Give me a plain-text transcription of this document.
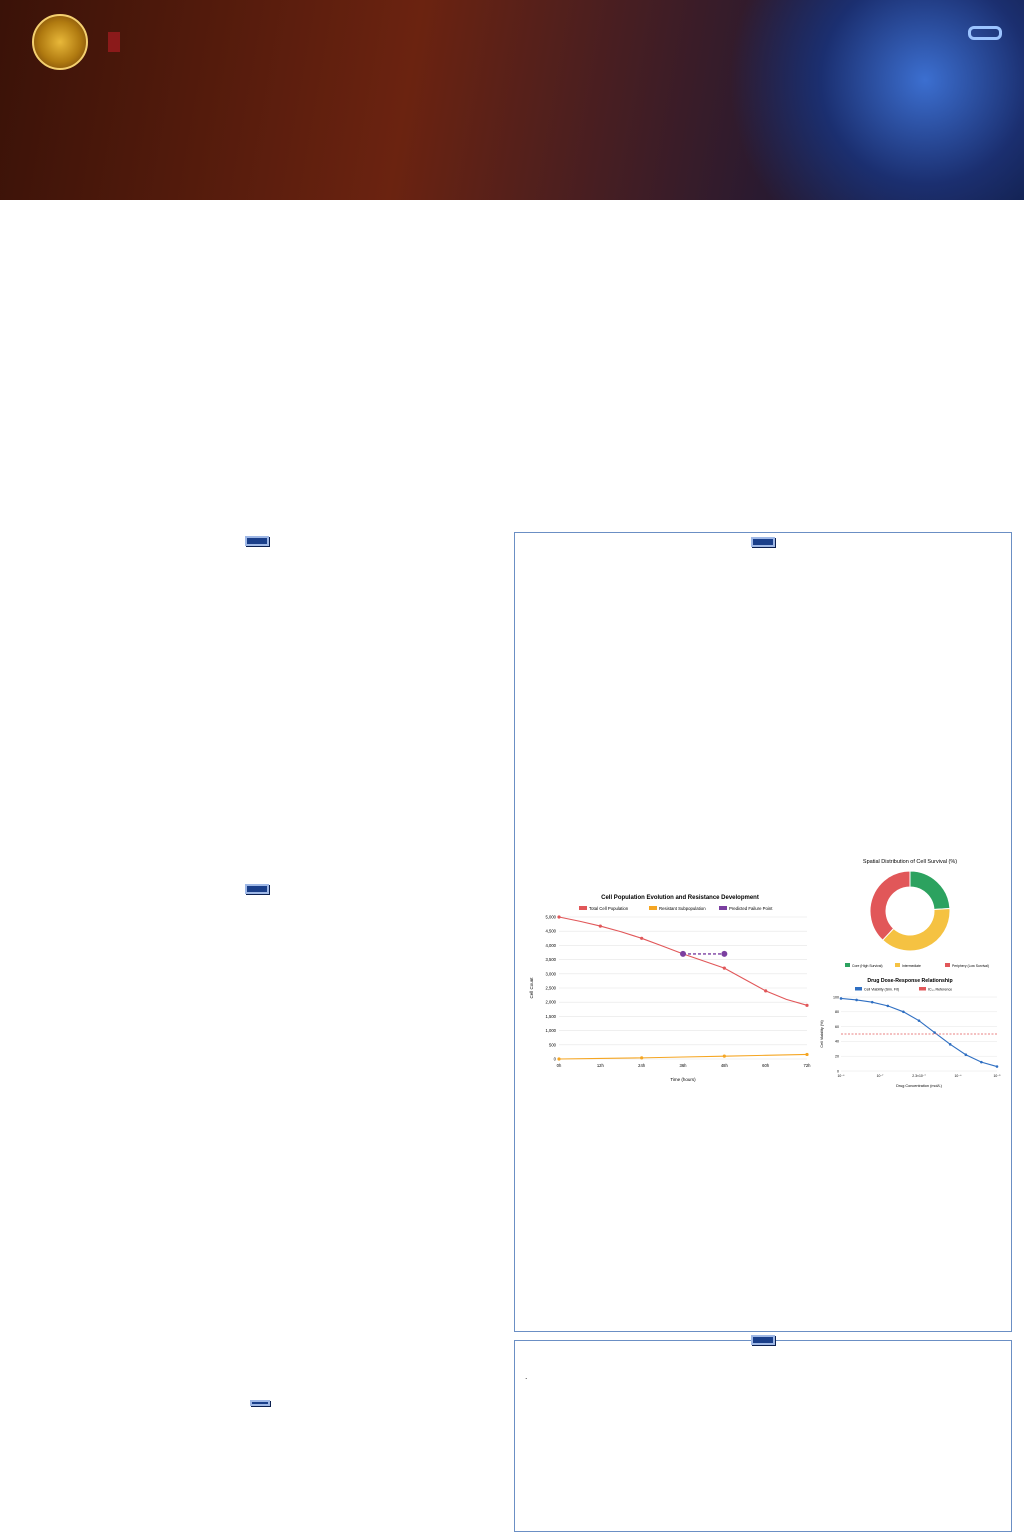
Spatial Distribution of Cell Survival (%)
Core (High Survival)	Intermediate	Periphery (Low Survival)
Cell Population Evolution and Resistance Development
0
500
1,000
1,500
2,000
2,500
3,000
3,500
4,000
4,500
5,000
0h	12h	24h	36h	48h	60h	72h
Time (hours)
Cell Count
Total Cell Population	Resistant Subpopulation	Predicted Failure Point
Drug Dose-Response Relationship
0
20
40
60
80
100
10⁻⁸	10⁻⁷	2.3×10⁻⁷	10⁻⁶	10⁻⁵
Drug Concentration (mol/L)
Cell Viability (%)
Cell Viability (Sim. Fit)	IC₅₀ Reference
.
